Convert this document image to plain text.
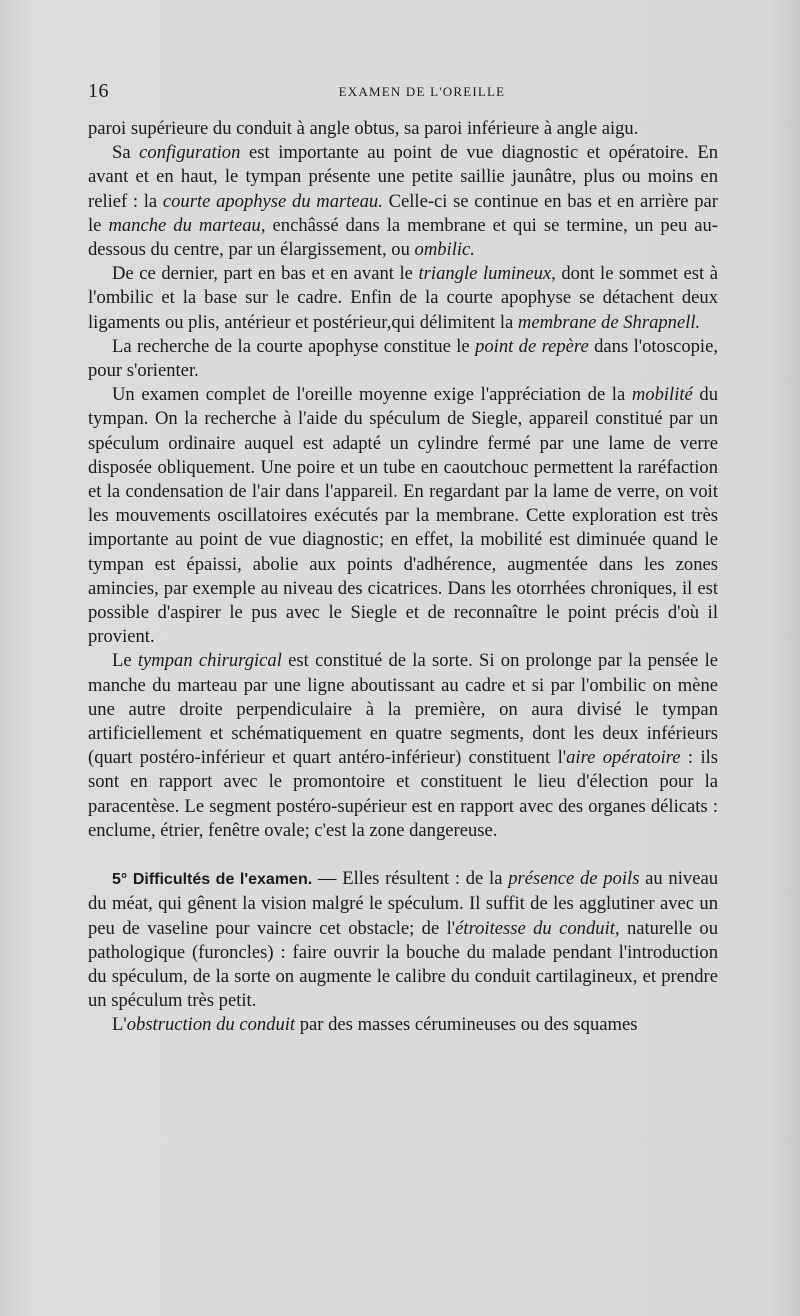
16	EXAMEN DE L'OREILLE

paroi supérieure du conduit à angle obtus, sa paroi inférieure à angle aigu.

Sa configuration est importante au point de vue diagnostic et opératoire. En avant et en haut, le tympan présente une petite saillie jaunâtre, plus ou moins en relief : la courte apophyse du marteau. Celle-ci se continue en bas et en arrière par le manche du marteau, enchâssé dans la membrane et qui se termine, un peu au-dessous du centre, par un élargissement, ou ombilic.

De ce dernier, part en bas et en avant le triangle lumineux, dont le sommet est à l'ombilic et la base sur le cadre. Enfin de la courte apophyse se détachent deux ligaments ou plis, antérieur et postérieur,qui délimitent la membrane de Shrapnell.

La recherche de la courte apophyse constitue le point de repère dans l'otoscopie, pour s'orienter.

Un examen complet de l'oreille moyenne exige l'appréciation de la mobilité du tympan. On la recherche à l'aide du spéculum de Siegle, appareil constitué par un spéculum ordinaire auquel est adapté un cylindre fermé par une lame de verre disposée obliquement. Une poire et un tube en caoutchouc permettent la raréfaction et la condensation de l'air dans l'appareil. En regardant par la lame de verre, on voit les mouvements oscillatoires exécutés par la membrane. Cette exploration est très importante au point de vue diagnostic; en effet, la mobilité est diminuée quand le tympan est épaissi, abolie aux points d'adhérence, augmentée dans les zones amincies, par exemple au niveau des cicatrices. Dans les otorrhées chroniques, il est possible d'aspirer le pus avec le Siegle et de reconnaître le point précis d'où il provient.

Le tympan chirurgical est constitué de la sorte. Si on prolonge par la pensée le manche du marteau par une ligne aboutissant au cadre et si par l'ombilic on mène une autre droite perpendiculaire à la première, on aura divisé le tympan artificiellement et schématiquement en quatre segments, dont les deux inférieurs (quart postéro-inférieur et quart antéro-inférieur) constituent l'aire opératoire : ils sont en rapport avec le promontoire et constituent le lieu d'élection pour la paracentèse. Le segment postéro-supérieur est en rapport avec des organes délicats : enclume, étrier, fenêtre ovale; c'est la zone dangereuse.

5° Difficultés de l'examen. — Elles résultent : de la présence de poils au niveau du méat, qui gênent la vision malgré le spéculum. Il suffit de les agglutiner avec un peu de vaseline pour vaincre cet obstacle; de l'étroitesse du conduit, naturelle ou pathologique (furoncles) : faire ouvrir la bouche du malade pendant l'introduction du spéculum, de la sorte on augmente le calibre du conduit cartilagineux, et prendre un spéculum très petit.

L'obstruction du conduit par des masses cérumineuses ou des squames
